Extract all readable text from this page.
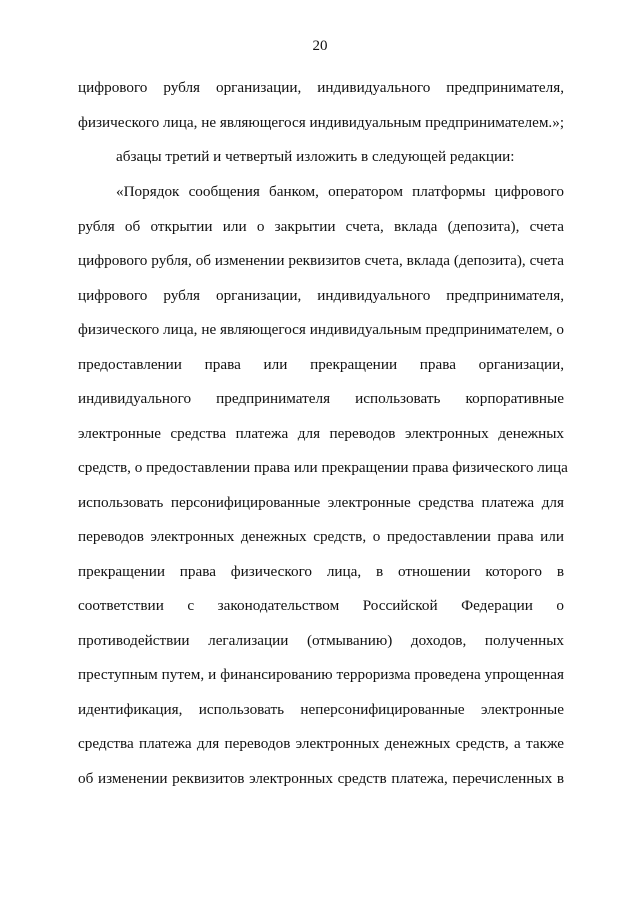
20
цифрового рубля организации, индивидуального предпринимателя,
физического лица, не являющегося индивидуальным предпринимателем.»;
абзацы третий и четвертый изложить в следующей редакции:
«Порядок сообщения банком, оператором платформы цифрового
рубля об открытии или о закрытии счета, вклада (депозита), счета
цифрового рубля, об изменении реквизитов счета, вклада (депозита), счета
цифрового рубля организации, индивидуального предпринимателя,
физического лица, не являющегося индивидуальным предпринимателем, о
предоставлении права или прекращении права организации,
индивидуального предпринимателя использовать корпоративные
электронные средства платежа для переводов электронных денежных
средств, о предоставлении права или прекращении права физического лица
использовать персонифицированные электронные средства платежа для
переводов электронных денежных средств, о предоставлении права или
прекращении права физического лица, в отношении которого в
соответствии с законодательством Российской Федерации о
противодействии легализации (отмыванию) доходов, полученных
преступным путем, и финансированию терроризма проведена упрощенная
идентификация, использовать неперсонифицированные электронные
средства платежа для переводов электронных денежных средств, а также
об изменении реквизитов электронных средств платежа, перечисленных в
